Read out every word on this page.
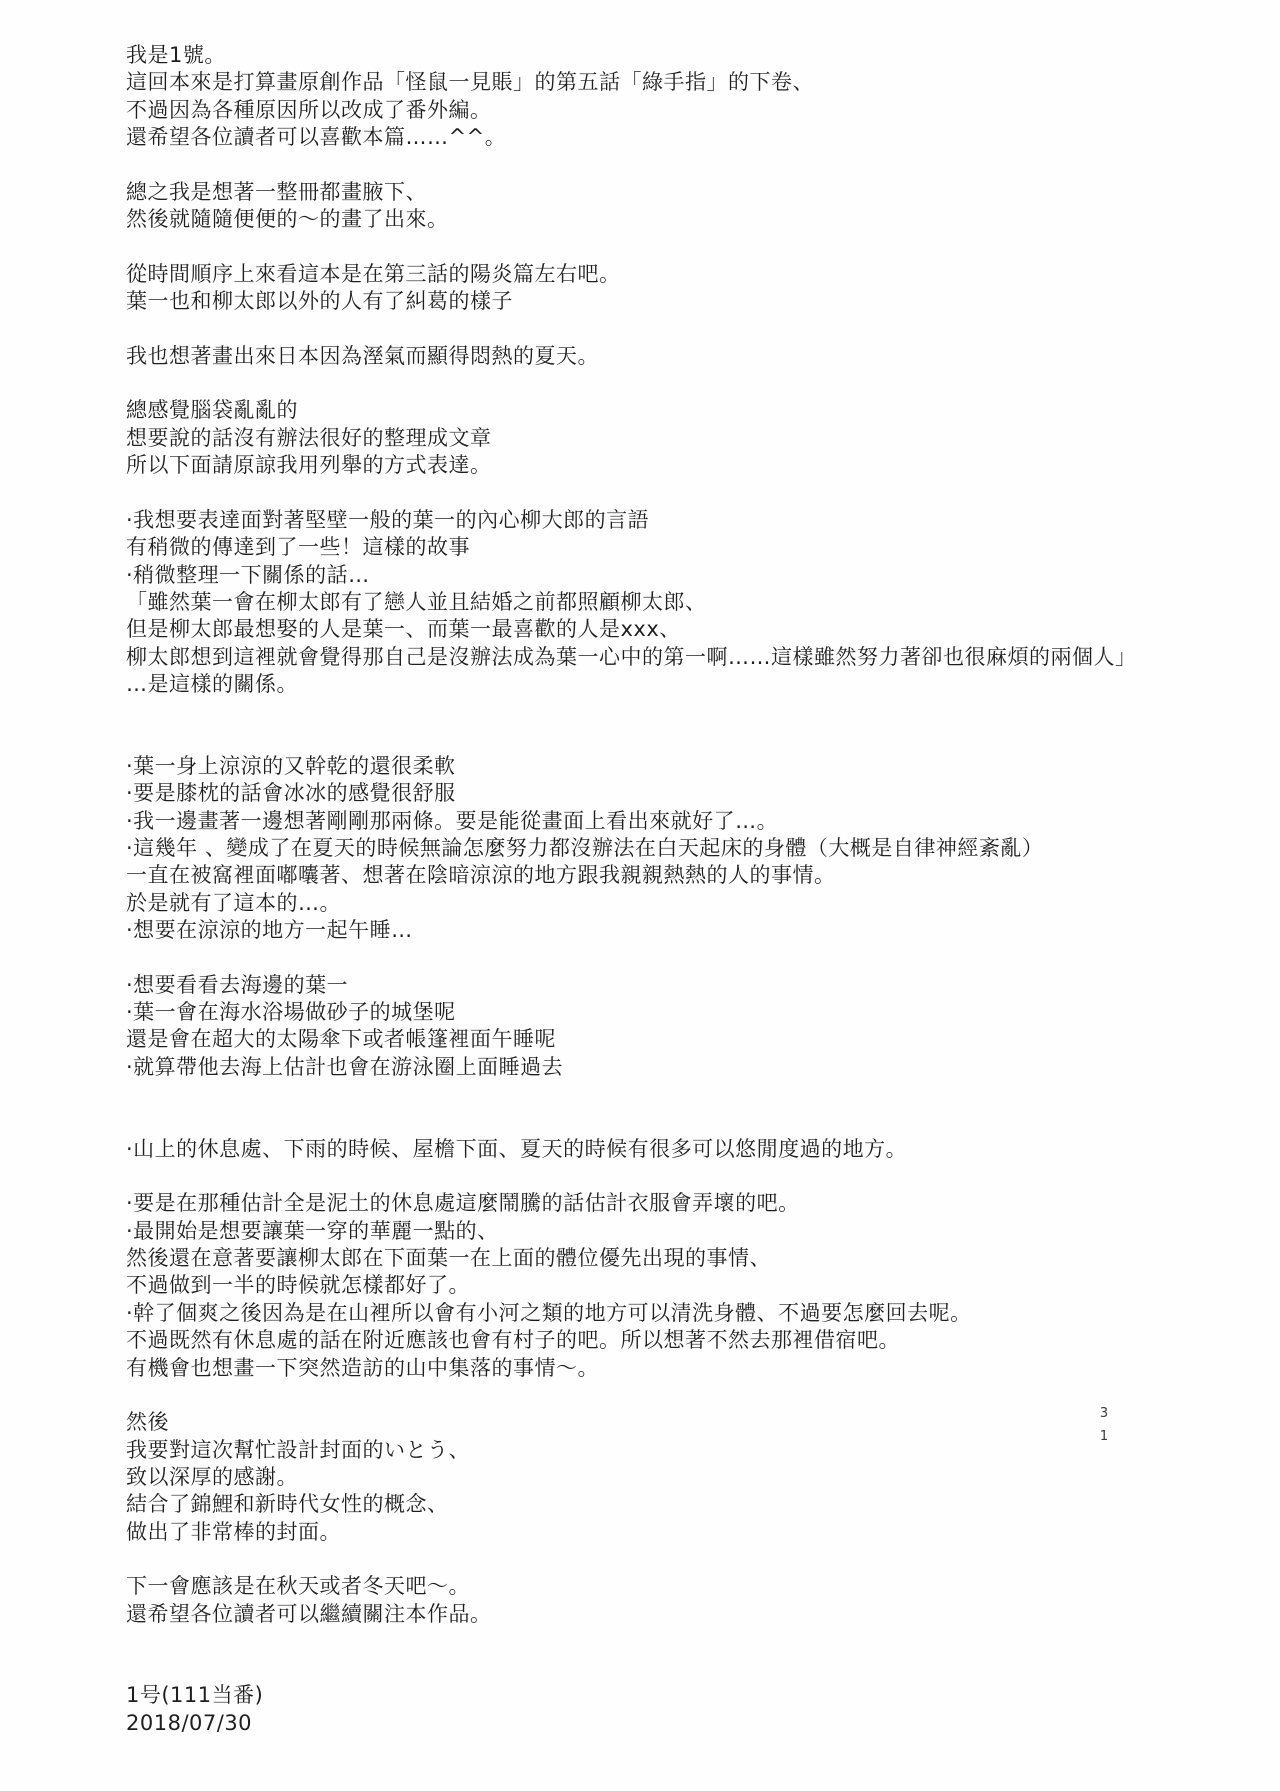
我是1號。
這回本來是打算畫原創作品「怪鼠一見賬」的第五話「綠手指」的下卷、
不過因為各種原因所以改成了番外編。
還希望各位讀者可以喜歡本篇……^^。

總之我是想著一整冊都畫腋下、
然後就隨隨便便的～的畫了出來。

從時間順序上來看這本是在第三話的陽炎篇左右吧。
葉一也和柳太郎以外的人有了糾葛的樣子

我也想著畫出來日本因為溼氣而顯得悶熱的夏天。

總感覺腦袋亂亂的
想要說的話沒有辦法很好的整理成文章
所以下面請原諒我用列舉的方式表達。

·我想要表達面對著堅壁一般的葉一的內心柳大郎的言語
有稍微的傳達到了一些！這樣的故事
·稍微整理一下關係的話…
「雖然葉一會在柳太郎有了戀人並且結婚之前都照顧柳太郎、
但是柳太郎最想娶的人是葉一、而葉一最喜歡的人是xxx、
柳太郎想到這裡就會覺得那自己是沒辦法成為葉一心中的第一啊……這樣雖然努力著卻也很麻煩的兩個人」
…是這樣的關係。

·葉一身上涼涼的又幹乾的還很柔軟
·要是膝枕的話會冰冰的感覺很舒服
·我一邊畫著一邊想著剛剛那兩條。要是能從畫面上看出來就好了…。
·這幾年 、變成了在夏天的時候無論怎麼努力都沒辦法在白天起床的身體（大概是自律神經紊亂）
一直在被窩裡面嘟囔著、想著在陰暗涼涼的地方跟我親親熱熱的人的事情。
於是就有了這本的…。
·想要在涼涼的地方一起午睡…

·想要看看去海邊的葉一
·葉一會在海水浴場做砂子的城堡呢
還是會在超大的太陽傘下或者帳篷裡面午睡呢
·就算帶他去海上估計也會在游泳圈上面睡過去

·山上的休息處、下雨的時候、屋檐下面、夏天的時候有很多可以悠閒度過的地方。

·要是在那種估計全是泥土的休息處這麼鬧騰的話估計衣服會弄壞的吧。
·最開始是想要讓葉一穿的華麗一點的、
然後還在意著要讓柳太郎在下面葉一在上面的體位優先出現的事情、
不過做到一半的時候就怎樣都好了。
·幹了個爽之後因為是在山裡所以會有小河之類的地方可以清洗身體、不過要怎麼回去呢。
不過既然有休息處的話在附近應該也會有村子的吧。所以想著不然去那裡借宿吧。
有機會也想畫一下突然造訪的山中集落的事情～。

然後
我要對這次幫忙設計封面的いとう、
致以深厚的感謝。
結合了錦鯉和新時代女性的概念、
做出了非常棒的封面。

下一會應該是在秋天或者冬天吧～。
還希望各位讀者可以繼續關注本作品。
3
1
1号(111当番)
2018/07/30
